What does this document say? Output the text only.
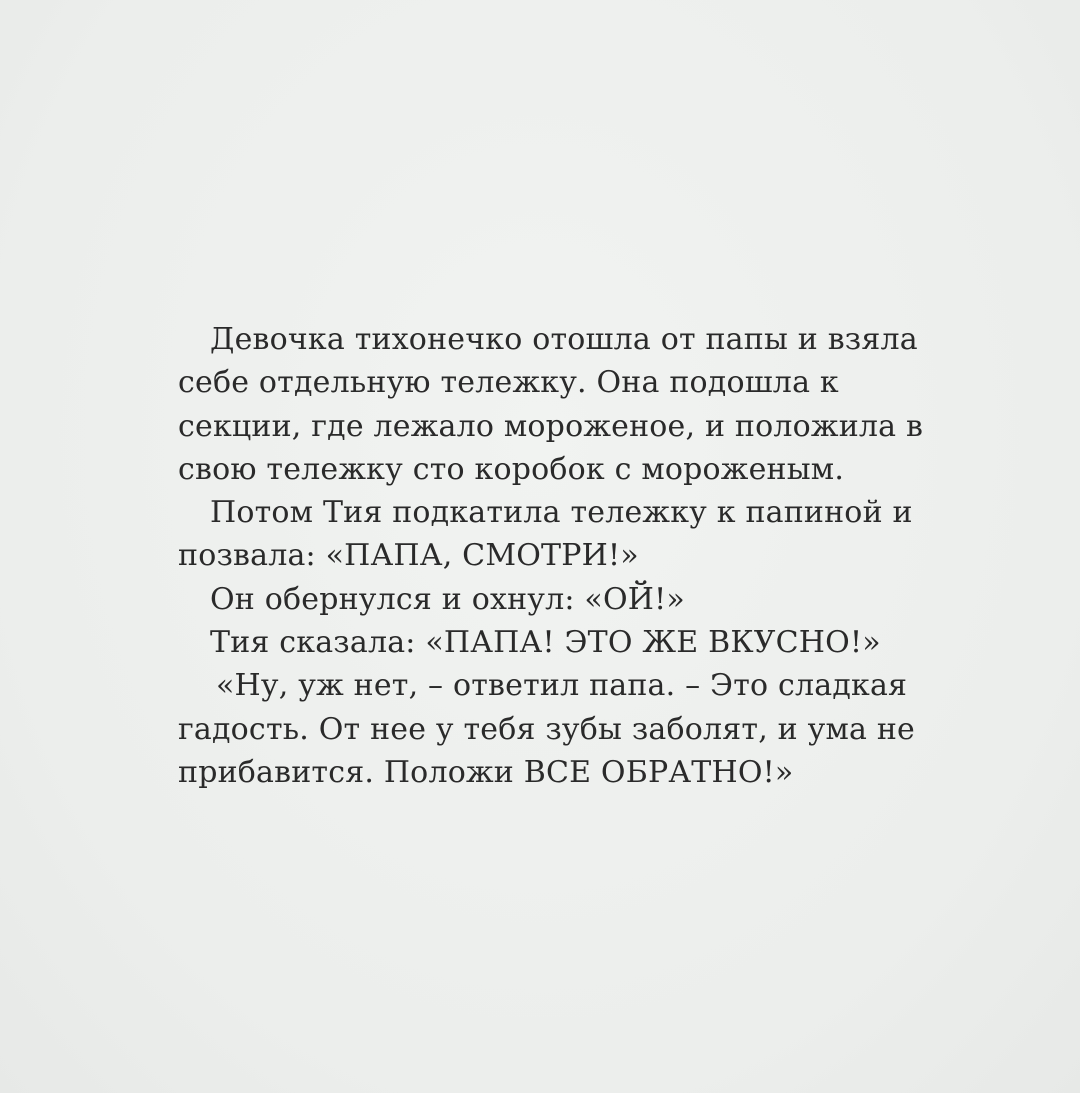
Девочка тихонечко отошла от папы и взяла
себе отдельную тележку. Она подошла к
секции, где лежало мороженое, и положила в
свою тележку сто коробок с мороженым.
Потом Тия подкатила тележку к папиной и
позвала: «ПАПА, СМОТРИ!»
Он обернулся и охнул: «ОЙ!»
Тия сказала: «ПАПА! ЭТО ЖЕ ВКУСНО!»
«Ну, уж нет, – ответил папа. – Это сладкая
гадость. От нее у тебя зубы заболят, и ума не
прибавится. Положи ВСЕ ОБРАТНО!»
